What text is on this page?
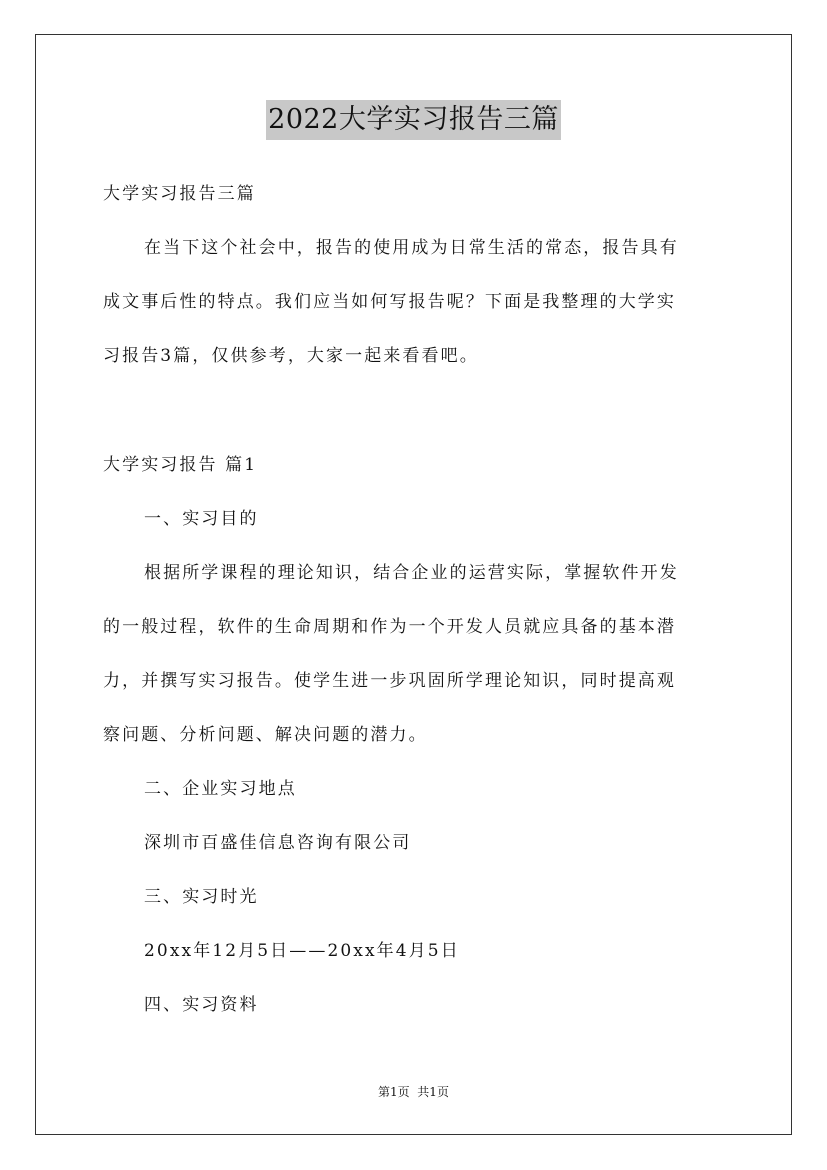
2022大学实习报告三篇
大学实习报告三篇
在当下这个社会中，报告的使用成为日常生活的常态，报告具有
成文事后性的特点。我们应当如何写报告呢？下面是我整理的大学实
习报告3篇，仅供参考，大家一起来看看吧。
大学实习报告 篇1
一、实习目的
根据所学课程的理论知识，结合企业的运营实际，掌握软件开发
的一般过程，软件的生命周期和作为一个开发人员就应具备的基本潜
力，并撰写实习报告。使学生进一步巩固所学理论知识，同时提高观
察问题、分析问题、解决问题的潜力。
二、企业实习地点
深圳市百盛佳信息咨询有限公司
三、实习时光
20xx年12月5日——20xx年4月5日
四、实习资料
第1页  共1页
